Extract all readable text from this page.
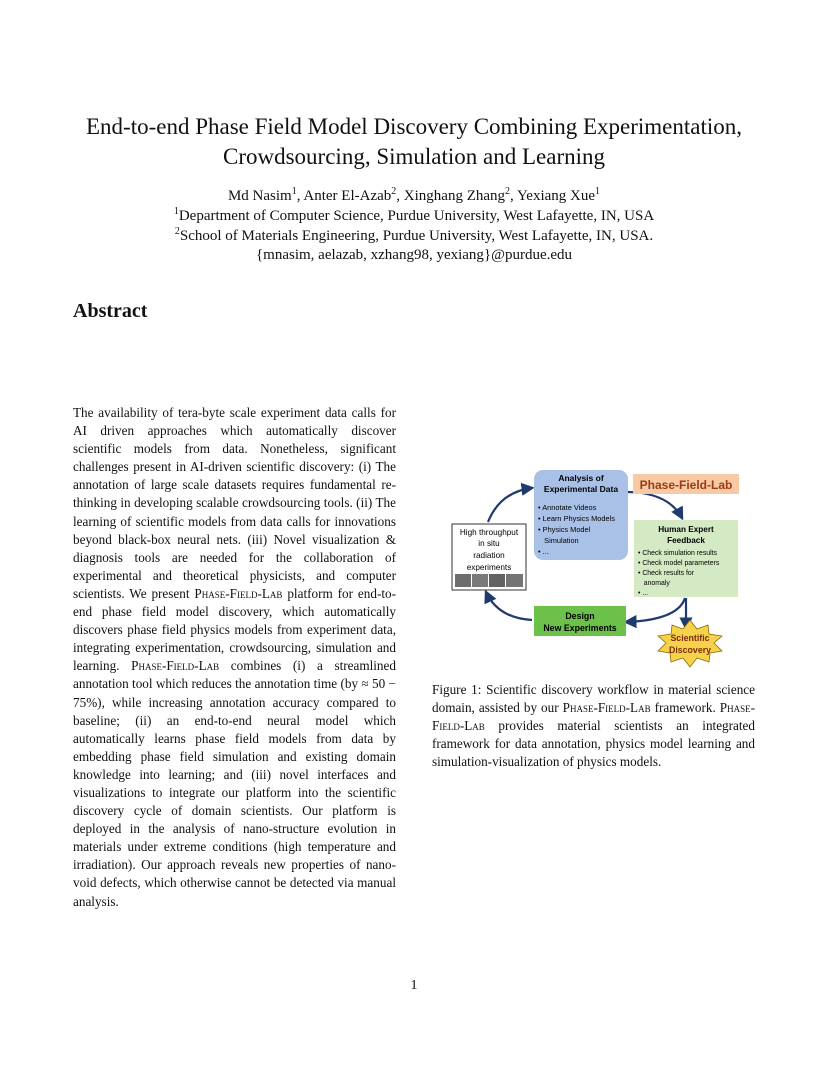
End-to-end Phase Field Model Discovery Combining Experimentation,
Crowdsourcing, Simulation and Learning
Md Nasim$^1$, Anter El-Azab$^2$, Xinghang Zhang$^2$, Yexiang Xue$^1$
$^1$Department of Computer Science, Purdue University, West Lafayette, IN, USA
$^2$School of Materials Engineering, Purdue University, West Lafayette, IN, USA.
{mnasim, aelazab, xzhang98, yexiang}@purdue.edu
Abstract
The availability of tera-byte scale experiment data calls for AI driven approaches which automatically discover scientific models from data. Nonetheless, significant challenges present in AI-driven scientific discovery: (i) The annotation of large scale datasets requires fundamental re-thinking in developing scalable crowdsourcing tools. (ii) The learning of scientific models from data calls for innovations beyond black-box neural nets. (iii) Novel visualization & diagnosis tools are needed for the collaboration of experimental and theoretical physicists, and computer scientists. We present Phase-Field-Lab platform for end-to-end phase field model discovery, which automatically discovers phase field physics models from experiment data, integrating experimentation, crowdsourcing, simulation and learning. Phase-Field-Lab combines (i) a streamlined annotation tool which reduces the annotation time (by ≈ 50 − 75%), while increasing annotation accuracy compared to baseline; (ii) an end-to-end neural model which automatically learns phase field models from data by embedding phase field simulation and existing domain knowledge into learning; and (iii) novel interfaces and visualizations to integrate our platform into the scientific discovery cycle of domain scientists. Our platform is deployed in the analysis of nano-structure evolution in materials under extreme conditions (high temperature and irradiation). Our approach reveals new properties of nano-void defects, which otherwise cannot be detected via manual analysis.
Analysis of
Experimental Data
• Annotate Videos
• Learn Physics Models
• Physics Model
Simulation
• ...
Phase-Field-Lab
High throughput
in situ
radiation
experiments
Human Expert
Feedback
• Check simulation results
• Check model parameters
• Check results for
anomaly
• ...
Design
New Experiments
Scientific
Discovery
Figure 1: Scientific discovery workflow in material science domain, assisted by our Phase-Field-Lab framework. Phase-Field-Lab provides material scientists an integrated framework for data annotation, physics model learning and simulation-visualization of physics models.
1
